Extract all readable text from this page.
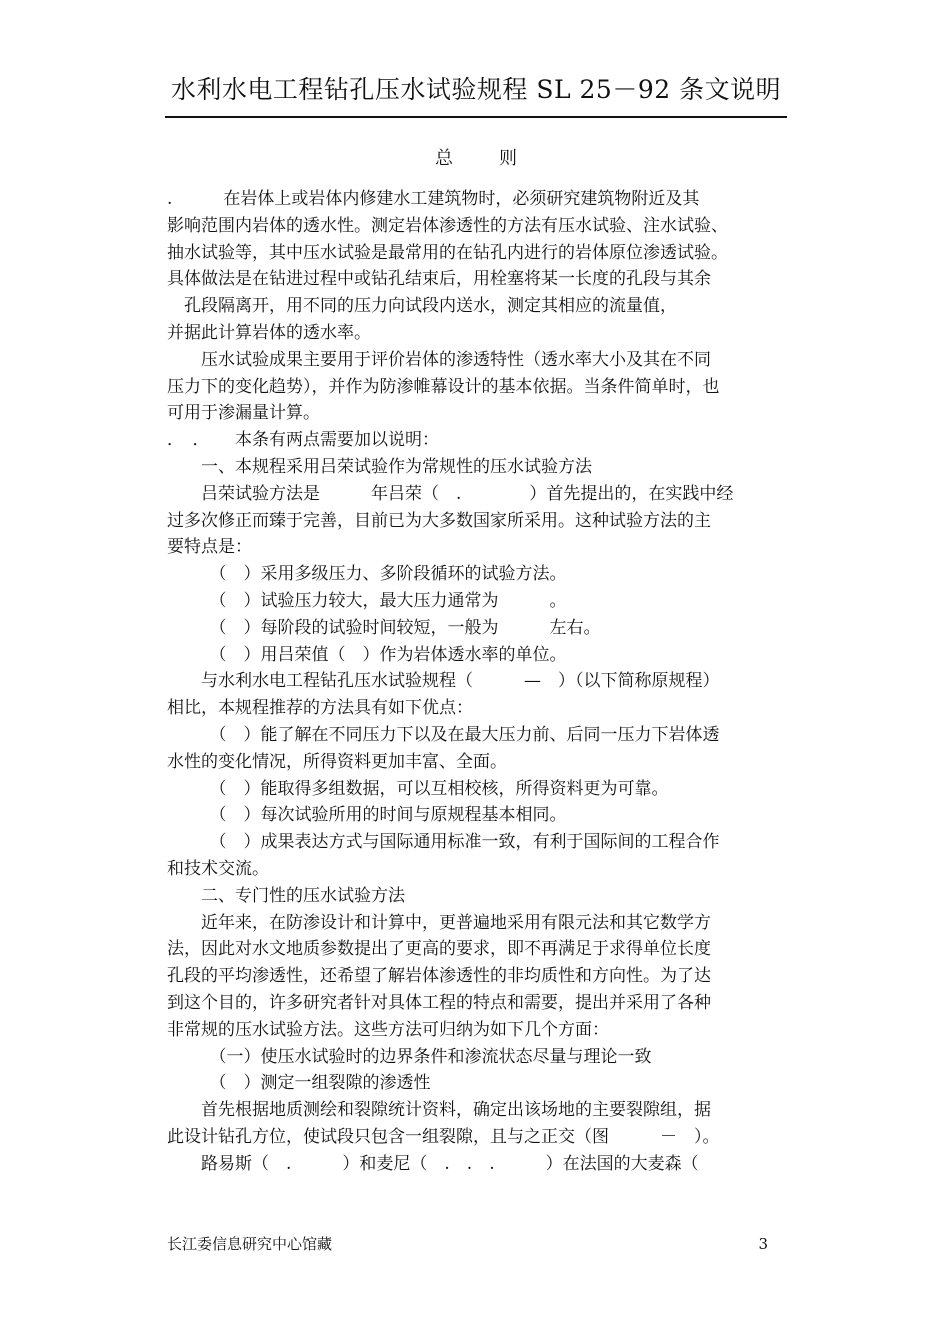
水利水电工程钻孔压水试验规程 SL 25－92 条文说明
总　则
.　　　在岩体上或岩体内修建水工建筑物时，必须研究建筑物附近及其
影响范围内岩体的透水性。测定岩体渗透性的方法有压水试验、注水试验、
抽水试验等，其中压水试验是最常用的在钻孔内进行的岩体原位渗透试验。
具体做法是在钻进过程中或钻孔结束后，用栓塞将某一长度的孔段与其余
　孔段隔离开，用不同的压力向试段内送水，测定其相应的流量值，
并据此计算岩体的透水率。
　　压水试验成果主要用于评价岩体的渗透特性（透水率大小及其在不同
压力下的变化趋势），并作为防渗帷幕设计的基本依据。当条件简单时，也
可用于渗漏量计算。
．　．　　本条有两点需要加以说明：
　　一、本规程采用吕荣试验作为常规性的压水试验方法
　　吕荣试验方法是　　　年吕荣（　.　　　　）首先提出的，在实践中经
过多次修正而臻于完善，目前已为大多数国家所采用。这种试验方法的主
要特点是：
　　　（　）采用多级压力、多阶段循环的试验方法。
　　　（　）试验压力较大，最大压力通常为　　　。
　　　（　）每阶段的试验时间较短，一般为　　　左右。
　　　（　）用吕荣值（　）作为岩体透水率的单位。
　　与水利水电工程钻孔压水试验规程（　　　—　）（以下简称原规程）
相比，本规程推荐的方法具有如下优点：
　　　（　）能了解在不同压力下以及在最大压力前、后同一压力下岩体透
水性的变化情况，所得资料更加丰富、全面。
　　　（　）能取得多组数据，可以互相校核，所得资料更为可靠。
　　　（　）每次试验所用的时间与原规程基本相同。
　　　（　）成果表达方式与国际通用标准一致，有利于国际间的工程合作
和技术交流。
　　二、专门性的压水试验方法
　　近年来，在防渗设计和计算中，更普遍地采用有限元法和其它数学方
法，因此对水文地质参数提出了更高的要求，即不再满足于求得单位长度
孔段的平均渗透性，还希望了解岩体渗透性的非均质性和方向性。为了达
到这个目的，许多研究者针对具体工程的特点和需要，提出并采用了各种
非常规的压水试验方法。这些方法可归纳为如下几个方面：
　　　（一）使压水试验时的边界条件和渗流状态尽量与理论一致
　　　（　）测定一组裂隙的渗透性
　　首先根据地质测绘和裂隙统计资料，确定出该场地的主要裂隙组，据
此设计钻孔方位，使试段只包含一组裂隙，且与之正交（图　　　－　）。
　　路易斯（　.　　　）和麦尼（　.　.　.　　　）在法国的大麦森（
长江委信息研究中心馆藏	3
